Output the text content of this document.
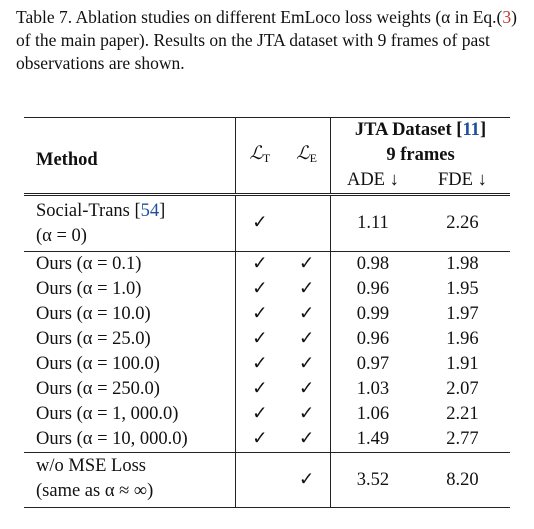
Table 7. Ablation studies on different EmLoco loss weights (α in Eq.(3) of the main paper). Results on the JTA dataset with 9 frames of past observations are shown.
Method	ℒ$_T$	ℒ$_E$	JTA Dataset [11]	
			9 frames	
			ADE ↓	FDE ↓
Social-Trans [54]
(α = 0)	✓		1.11	2.26
Ours (α = 0.1)	✓	✓	0.98	1.98
Ours (α = 1.0)	✓	✓	0.96	1.95
Ours (α = 10.0)	✓	✓	0.99	1.97
Ours (α = 25.0)	✓	✓	0.96	1.96
Ours (α = 100.0)	✓	✓	0.97	1.91
Ours (α = 250.0)	✓	✓	1.03	2.07
Ours (α = 1, 000.0)	✓	✓	1.06	2.21
Ours (α = 10, 000.0)	✓	✓	1.49	2.77
w/o MSE Loss
(same as α ≈ ∞)		✓	3.52	8.20
